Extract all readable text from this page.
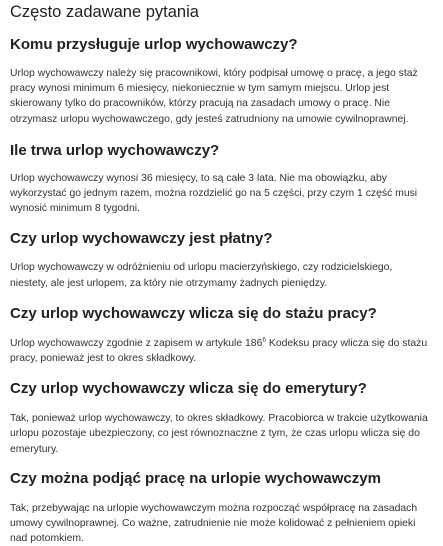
Często zadawane pytania
Komu przysługuje urlop wychowawczy?

Urlop wychowawczy należy się pracownikowi, który podpisał umowę o pracę, a jego staż pracy wynosi minimum 6 miesięcy, niekoniecznie w tym samym miejscu. Urlop jest skierowany tylko do pracowników, którzy pracują na zasadach umowy o pracę. Nie otrzymasz urlopu wychowawczego, gdy jesteś zatrudniony na umowie cywilnoprawnej.

Ile trwa urlop wychowawczy?

Urlop wychowawczy wynosi 36 miesięcy, to są całe 3 lata. Nie ma obowiązku, aby wykorzystać go jednym razem, można rozdzielić go na 5 części, przy czym 1 część musi wynosić minimum 8 tygodni.

Czy urlop wychowawczy jest płatny?

Urlop wychowawczy w odróżnieniu od urlopu macierzyńskiego, czy rodzicielskiego, niestety, ale jest urlopem, za który nie otrzymamy żadnych pieniędzy.

Czy urlop wychowawczy wlicza się do stażu pracy?

Urlop wychowawczy zgodnie z zapisem w artykule $186^6$ Kodeksu pracy wlicza się do stażu pracy, ponieważ jest to okres składkowy.

Czy urlop wychowawczy wlicza się do emerytury?

Tak, ponieważ urlop wychowawczy, to okres składkowy. Pracobiorca w trakcie użytkowania urlopu pozostaje ubezpieczony, co jest równoznaczne z tym, że czas urlopu wlicza się do emerytury.

Czy można podjąć pracę na urlopie wychowawczym

Tak, przebywając na urlopie wychowawczym można rozpocząć współpracę na zasadach umowy cywilnoprawnej. Co ważne, zatrudnienie nie może kolidować z pełnieniem opieki nad potomkiem.
